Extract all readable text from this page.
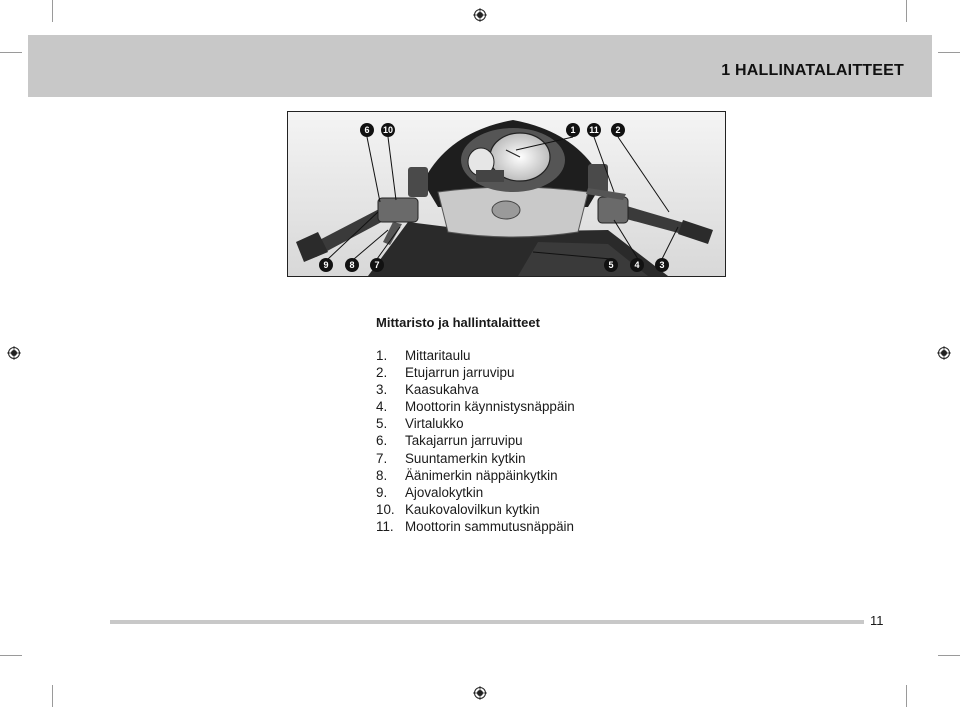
1 HALLINATALAITTEET
6 10	1 11 2
9 8 7	5 4 3
Mittaristo ja hallintalaitteet
1.	Mittaritaulu
2.	Etujarrun jarruvipu
3.	Kaasukahva
4.	Moottorin käynnistysnäppäin
5.	Virtalukko
6.	Takajarrun jarruvipu
7.	Suuntamerkin kytkin
8.	Äänimerkin näppäinkytkin
9.	Ajovalokytkin
10. Kaukovalovilkun kytkin
11. Moottorin sammutusnäppäin
11
